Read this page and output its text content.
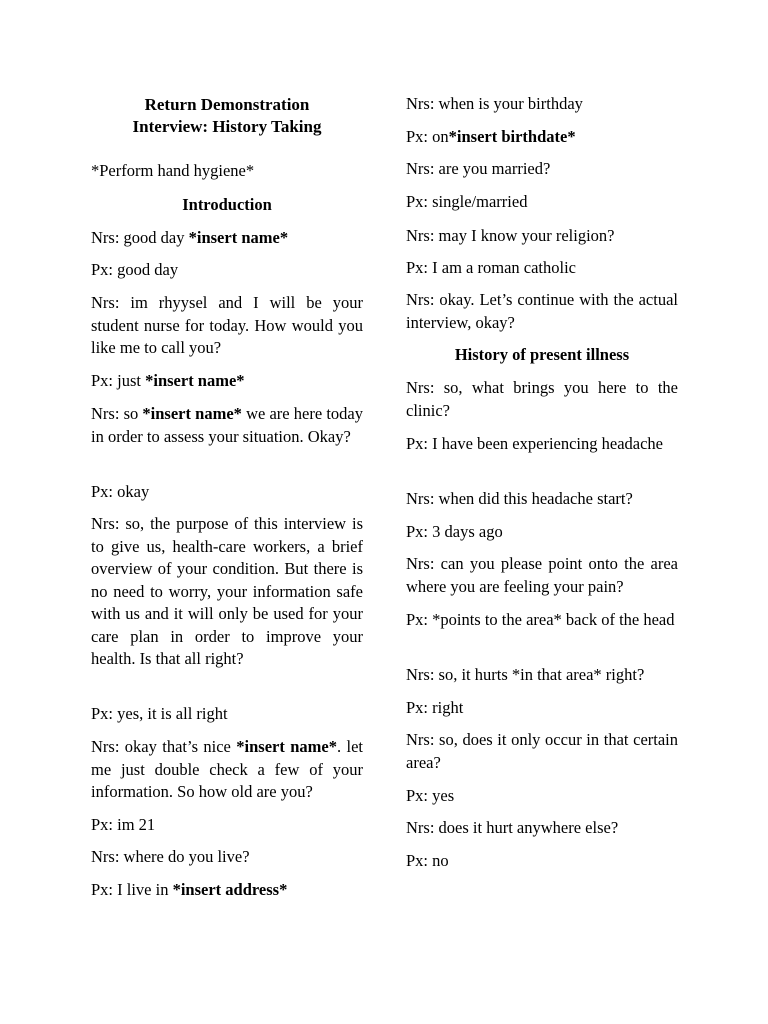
Return Demonstration
Interview: History Taking

*Perform hand hygiene*

Introduction

Nrs: good day *insert name*

Px: good day

Nrs: im rhyysel and I will be your student nurse for today. How would you like me to call you?

Px: just *insert name*

Nrs: so *insert name* we are here today in order to assess your situation. Okay?

Px: okay

Nrs: so, the purpose of this interview is to give us, health-care workers, a brief overview of your condition. But there is no need to worry, your information safe with us and it will only be used for your care plan in order to improve your health. Is that all right?

Px: yes, it is all right

Nrs: okay that’s nice *insert name*. let me just double check a few of your information. So how old are you?

Px: im 21

Nrs: where do you live?

Px: I live in *insert address*

Nrs: when is your birthday

Px: on*insert birthdate*

Nrs: are you married?

Px: single/married

Nrs: may I know your religion?

Px: I am a roman catholic

Nrs: okay. Let’s continue with the actual interview, okay?

History of present illness

Nrs: so, what brings you here to the clinic?

Px: I have been experiencing headache

Nrs: when did this headache start?

Px: 3 days ago

Nrs: can you please point onto the area where you are feeling your pain?

Px: *points to the area* back of the head

Nrs: so, it hurts *in that area* right?

Px: right

Nrs: so, does it only occur in that certain area?

Px: yes

Nrs: does it hurt anywhere else?

Px: no
